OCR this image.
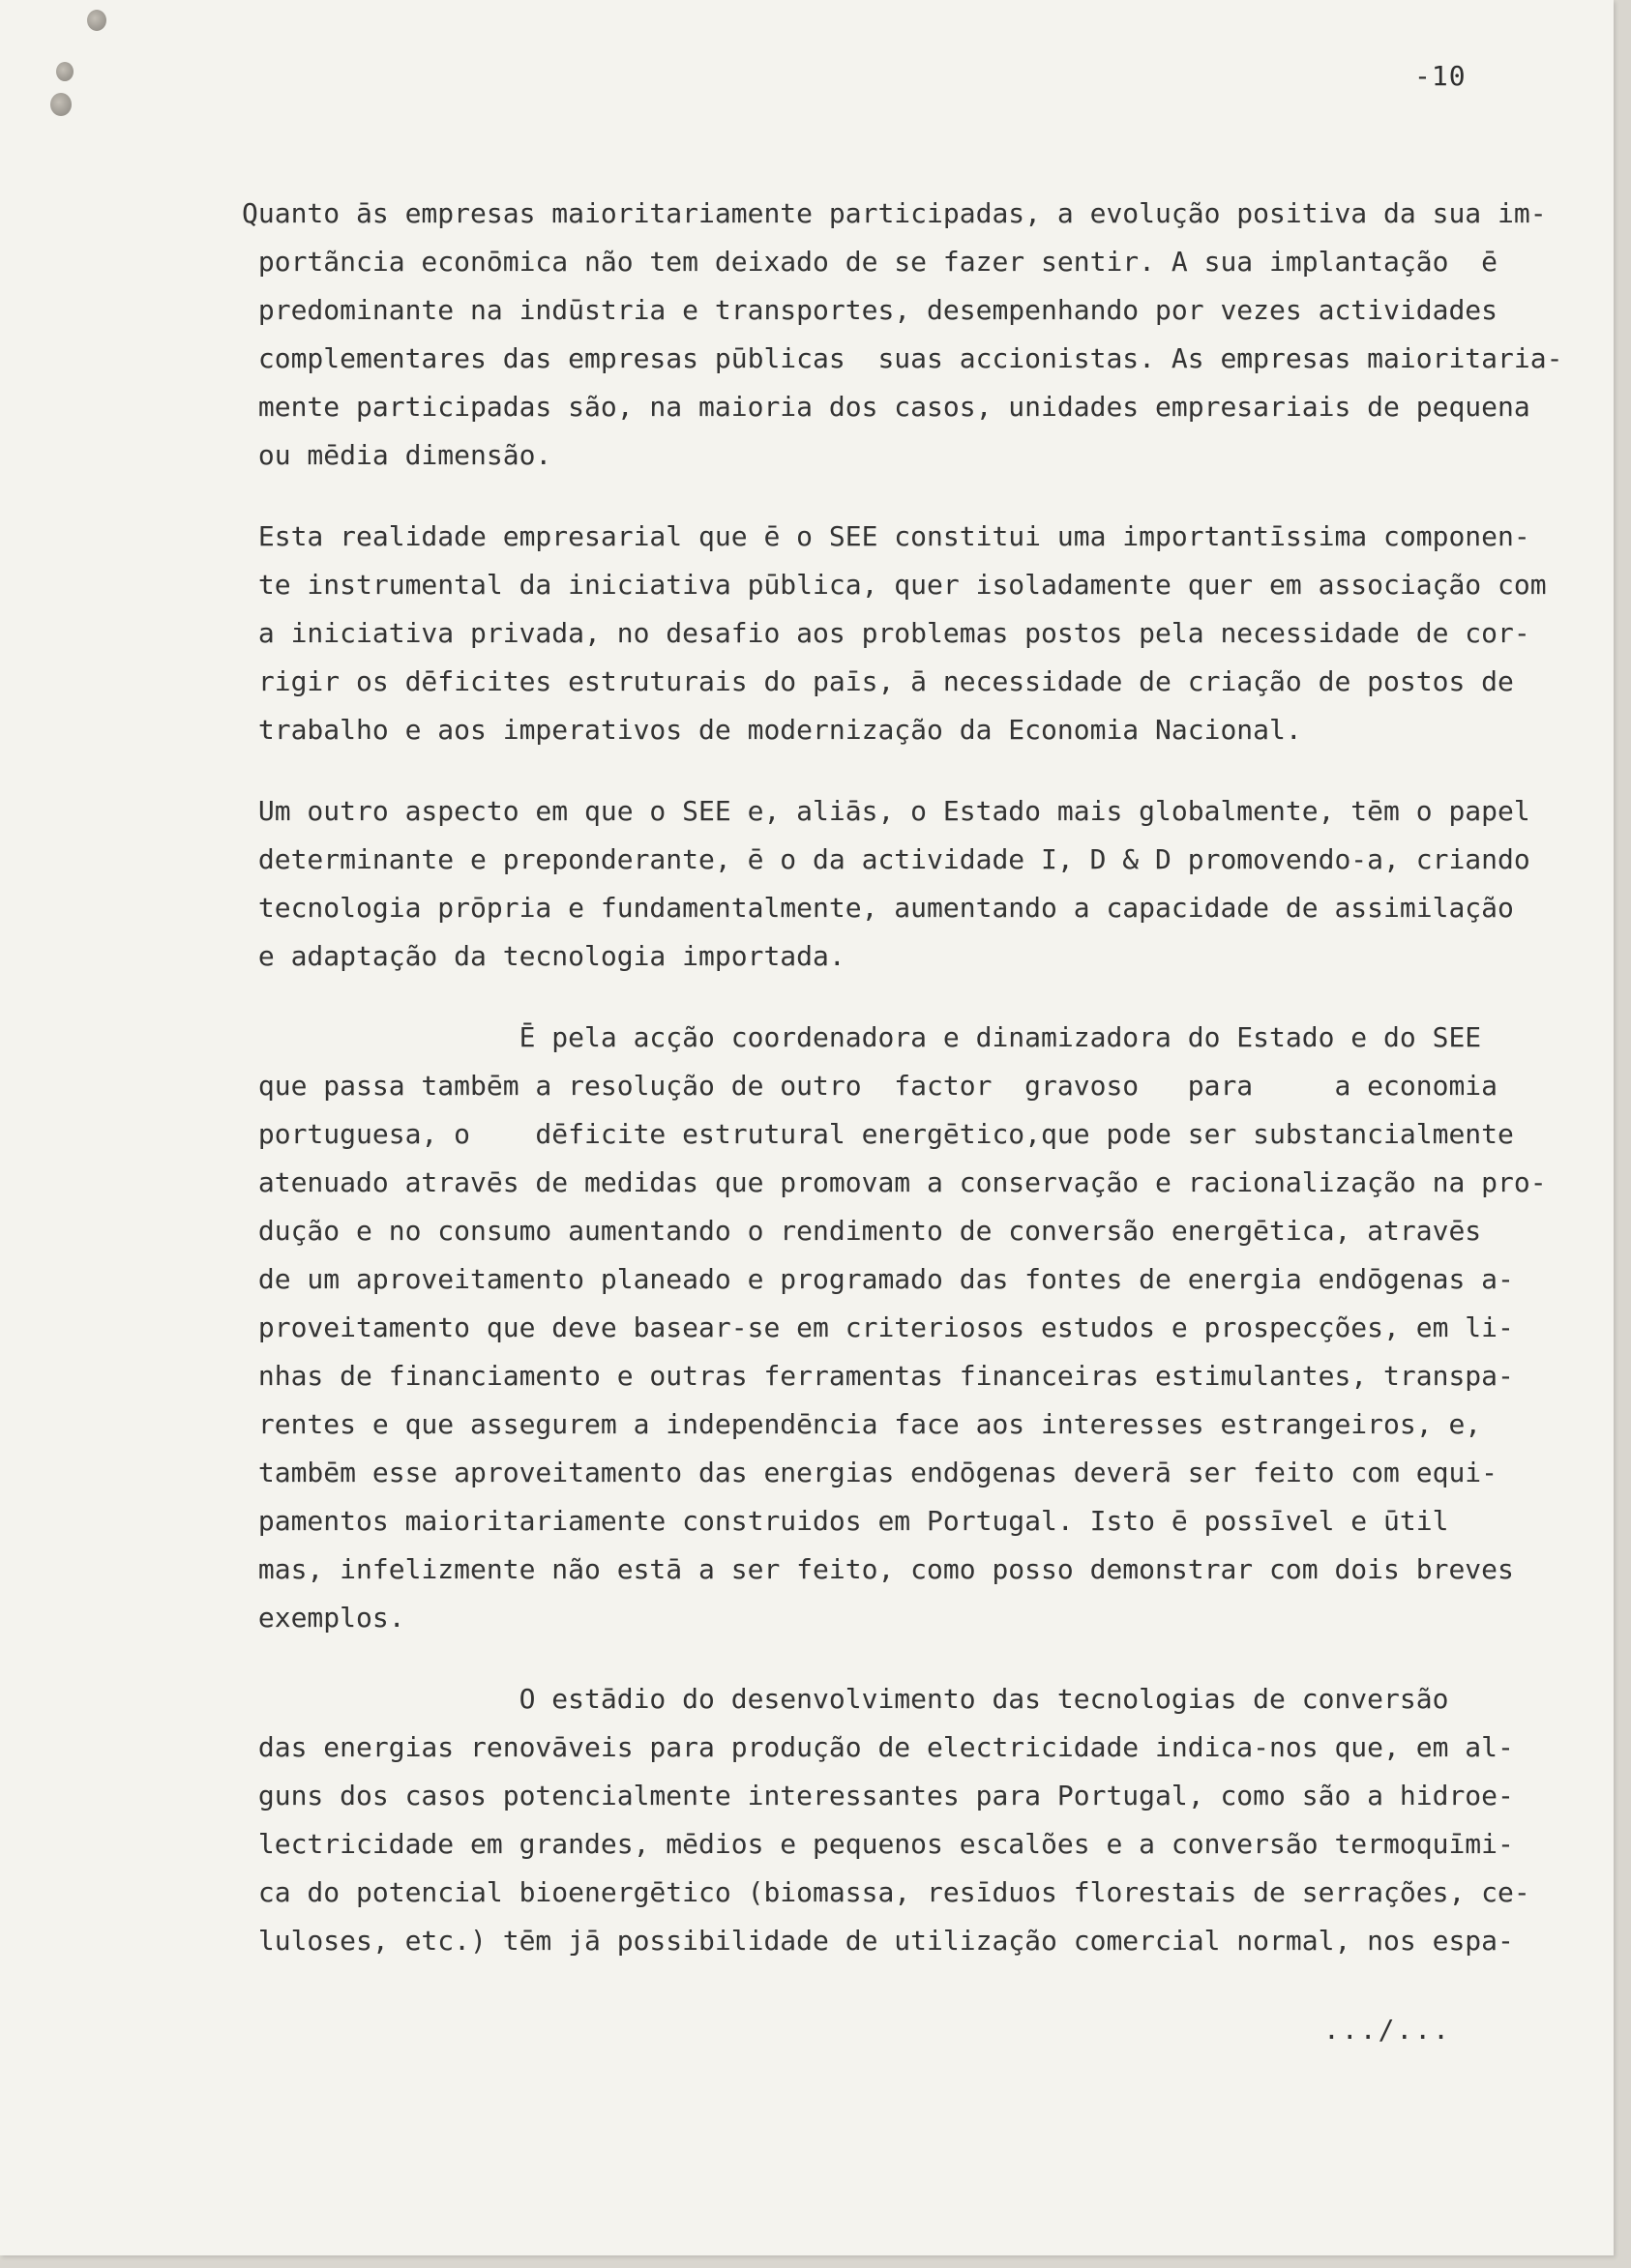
-10

Quanto ās empresas maioritariamente participadas, a evolução positiva da sua im-
portãncia econōmica não tem deixado de se fazer sentir. A sua implantação  ē
predominante na indūstria e transportes, desempenhando por vezes actividades
complementares das empresas pūblicas  suas accionistas. As empresas maioritaria-
mente participadas são, na maioria dos casos, unidades empresariais de pequena
ou mēdia dimensão.

Esta realidade empresarial que ē o SEE constitui uma importantīssima componen-
te instrumental da iniciativa pūblica, quer isoladamente quer em associação com
a iniciativa privada, no desafio aos problemas postos pela necessidade de cor-
rigir os dēficites estruturais do paīs, ā necessidade de criação de postos de
trabalho e aos imperativos de modernização da Economia Nacional.

Um outro aspecto em que o SEE e, aliās, o Estado mais globalmente, tēm o papel
determinante e preponderante, ē o da actividade I, D & D promovendo-a, criando
tecnologia prōpria e fundamentalmente, aumentando a capacidade de assimilação
e adaptação da tecnologia importada.

Ē pela acção coordenadora e dinamizadora do Estado e do SEE
que passa tambēm a resolução de outro  factor  gravoso   para     a economia
portuguesa, o    dēficite estrutural energētico,que pode ser substancialmente
atenuado atravēs de medidas que promovam a conservação e racionalização na pro-
dução e no consumo aumentando o rendimento de conversão energētica, atravēs
de um aproveitamento planeado e programado das fontes de energia endōgenas a-
proveitamento que deve basear-se em criteriosos estudos e prospecções, em li-
nhas de financiamento e outras ferramentas financeiras estimulantes, transpa-
rentes e que assegurem a independēncia face aos interesses estrangeiros, e,
tambēm esse aproveitamento das energias endōgenas deverā ser feito com equi-
pamentos maioritariamente construidos em Portugal. Isto ē possīvel e ūtil
mas, infelizmente não estā a ser feito, como posso demonstrar com dois breves
exemplos.

O estādio do desenvolvimento das tecnologias de conversão
das energias renovāveis para produção de electricidade indica-nos que, em al-
guns dos casos potencialmente interessantes para Portugal, como são a hidroe-
lectricidade em grandes, mēdios e pequenos escalões e a conversão termoquīmi-
ca do potencial bioenergētico (biomassa, resīduos florestais de serrações, ce-
luloses, etc.) tēm jā possibilidade de utilização comercial normal, nos espa-

.../...
